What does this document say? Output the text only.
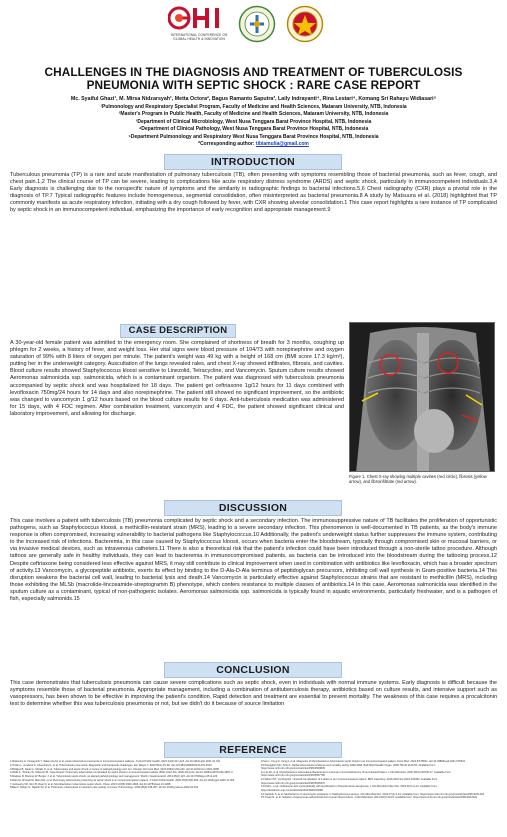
INTERNATIONAL CONFERENCE ON
GLOBAL HEALTH & INNOVATION
CHALLENGES IN THE DIAGNOSIS AND TREATMENT OF TUBERCULOSIS
PNEUMONIA WITH SEPTIC SHOCK : RARE CASE REPORT
Mc. Syaiful Ghazi¹, M. Mirsa Nidzarsyah¹, Metta Octora², Bagus Ramanto Saputra³, Laily Indrayanti⁴, Rina Lestari⁴, Komang Sri Rahayu Widiasari⁵
¹Pulmonology and Respiratory Specialist Program, Faculty of Medicine and Health Sciences, Mataram University, NTB, Indonesia
²Master's Program in Public Health, Faculty of Medicine and Health Sciences, Mataram University, NTB, Indonesia
³Department of Clinical Microbiology, West Nusa Tenggara Barat Province Hospital, NTB, Indonesia
⁴Department of Clinical Pathology, West Nusa Tenggara Barat Province Hospital, NTB, Indonesia
⁵Department Pulmonology and Respiratory West Nusa Tenggara Barat Province Hospital, NTB, Indonesia
*Corresponding author: tibiamulia@gmail.com
INTRODUCTION
Tuberculous pneumonia (TP) is a rare and acute manifestation of pulmonary tuberculosis (TB), often presenting with symptoms resembling those of bacterial pneumonia, such as fever, cough, and chest pain.1,2 The clinical course of TP can be severe, leading to complications like acute respiratory distress syndrome (ARDS) and septic shock, particularly in immunocompetent individuals.3,4 Early diagnosis is challenging due to the nonspecific nature of symptoms and the similarity in radiographic findings to bacterial infections.5,6 Chest radiography (CXR) plays a pivotal role in the diagnosis of TP.7 Typical radiographic features include homogeneous, segmental consolidation, often misinterpreted as bacterial pneumonia.8 A study by Matsuura et al. (2018) highlighted that TP commonly manifests as acute respiratory infection, initiating with a dry cough followed by fever, with CXR showing alveolar consolidation.1 This case report highlights a rare instance of TP complicated by septic shock in an immunocompetent individual, emphasizing the importance of early recognition and appropriate management.9
CASE DESCRIPTION
A 30-year-old female patient was admitted to the emergency room. She complained of shortness of breath for 3 months, coughing up phlegm for 2 weeks, a history of fever, and weight loss. Her vital signs were blood pressure of 104/73 with norepinephrine and oxygen saturation of 99% with 8 liters of oxygen per minute. The patient's weight was 49 kg with a height of 168 cm (BMI score 17.3 kg/m²), putting her in the underweight category. Auscultation of the lungs revealed rales, and chest X-ray showed infiltrates, fibrosis, and cavities. Blood culture results showed Staphylococcus kloosi sensitive to Linezolid, Tetracycline, and Vancomycin. Sputum culture results showed Aeromonas salmonicida ssp. salmonicida, which is a contaminant organism. The patient was diagnosed with tuberculosis pneumonia accompanied by septic shock and was hospitalized for 18 days. The patient get ceftriaxone 1g/12 hours for 11 days combined with levofloxacin 750mg/24 hours for 14 days and also norepinephrine. The patient still showed no significant improvement, so the antibiotic was changed to vancomycin 1 g/12 hours based on the blood culture results for 6 days. Anti-tuberculosis medication was administered for 15 days, with 4 FDC regimen. After combination treatment, vancomycin and 4 FDC, the patient showed significant clinical and laboratory improvement, and allowing for discharge.
Figure 1. Chest X-ray showing multiple cavities (red circle), fibrosis (yellow arrow), and fibroinfiltrate (red arrow).
DISCUSSION
This case involves a patient with tuberculosis (TB) pneumonia complicated by septic shock and a secondary infection. The immunosuppressive nature of TB facilitates the proliferation of opportunistic pathogens, such as Staphylococcus kloosii, a methicillin-resistant strain (MRS), leading to a severe secondary infection. This phenomenon is well-documented in TB patients, as the body's immune response is often compromised, increasing vulnerability to bacterial pathogens like Staphylococcus.10 Additionally, the patient's underweight status further suppresses the immune system, contributing to the increased risk of infections. Bacteremia, in this case caused by Staphylococcus kloosii, occurs when bacteria enter the bloodstream, typically through compromised skin or mucosal barriers, or via invasive medical devices, such as intravenous catheters.11 There is also a theoretical risk that the patient's infection could have been introduced through a non-sterile tattoo procedure. Although tattoos are generally safe in healthy individuals, they can lead to bacteremia in immunocompromised patients, as bacteria can be introduced into the bloodstream during the tattooing process.12 Despite ceftriaxone being considered less effective against MRS, it may still contribute to clinical improvement when used in combination with antibiotics like levofloxacin, which has a broader spectrum of activity.13 Vancomycin, a glycopeptide antibiotic, exerts its effect by binding to the D-Ala-D-Ala terminus of peptidoglycan precursors, inhibiting cell wall synthesis in Gram-positive bacteria.14 This disruption weakens the bacterial cell wall, leading to bacterial lysis and death.14 Vancomycin is particularly effective against Staphylococcus strains that are resistant to methicillin (MRS), including those exhibiting the MLSb (macrolide-lincosamide-streptogramin B) phenotype, which confers resistance to multiple classes of antibiotics.14 In this case, Aeromonas salmonicida was identified in the sputum culture as a contaminant, typical of non-pathogenic isolates. Aeromonas salmonicida ssp. salmonicida is typically found in aquatic environments, particularly freshwater, and is a pathogen of fish, especially salmonids.15
CONCLUSION
This case demonstrates that tuberculosis pneumonia can cause severe complications such as septic shock, even in individuals with normal immune systems. Early diagnosis is difficult because the symptoms resemble those of bacterial pneumonia. Appropriate management, including a combination of antituberculosis therapy, antibiotics based on culture results, and intensive support such as vasopressors, has been shown to be effective in improving the patient's condition. Rapid detection and treatment are essential to prevent mortality. The weakness of this case requires a procalcitonin test to determine whether this was tuberculosis pneumonia or not, but we didn't do it because of source limitation
REFERENCE

1.Matsuura H, Yamaguchi Y, Takemura M, et al. Acute tuberculous pneumonia in immunocompetent patients. J Infect Public Health. 2021;14(3):417-424. doi:10.1016/j.jiph.2021.01.011

2.Tonkin L, Gusberti G, Kitambwa G, et al. Tuberculosis pneumonia: Diagnostic and therapeutic challenges. Eur Respir J. 2020;56(1):P1-82. doi:10.1183/13993003.01479-2019

3.Bridges B, Sarai G, Shiraki O, et al. Tuberculosis and septic shock: A review of pathophysiology and. Am J Respir Crit Care Med. 2022;196(2):234-240. doi:10.1164/rccm.2021-0068

4.Wells K, Toohey W, Takeuchi M. Case Report: Pulmonary tuberculosis complicated by septic shock in immunocompetent adults. BMC Infect Dis. 2020;20(1):22. doi:10.1186/s12879-020-4907-3

5.Matisse R, Brennet W, Burger J, et al. Tuberculosis septic shock, an altered pathophysiology and management. World J Gastroenterol. 2019;25(2):123. doi:10.3748/wjg.v25.i2.123

6.Rato M, Ahmadi M, Mian MA, et al. Pulmonary tuberculosis presenting as septic shock in an immunocompetent patient. J Infect Public Health. 2020;15(5):600-605. doi:10.1016/j.jiph.2020.11.003

7.Janbeurig VR, Simi B, Rear D, et al. Mycobacterium tuberculosis septic shock. Chest. 2013;143(5):1660-1666. doi:10.1378/chest.10-1908

8.Bae F, Delgin G, Tajeldin M, et al. Pulmonary tuberculosis in intensive care setting: A review. Pulmonology. 2022;28(4):245-257. doi:10.1016/j.pulmoe.2022.02.003

9.Sun L, Feng Z, Yang F, et al. Diagnosis of Mycobacterium tuberculosis septic shock in an immunocompetent patient. Front Med. 2021;8:675641. doi:10.3389/fmed.2021.675641

10.Pantiglioni MC, Kino K. Global tuberculosis incidence and mortality during 1990-2000. Bull World Health Organ. 2006;78(10):1142-56. Available from: https://www.ncbi.nlm.nih.gov/pmc/articles/PMC2560839

11.Lai ZZ, et al. Mycobacterium tuberculosis Bacteremia in a Human Immunodeficiency Virus-Infected Patient. J Clin Microbiol. 2020;49(3):e00706-17. Available from: https://www.ncbi.nlm.nih.gov/pmc/articles/PMC5657709

12.Wilson NT, Cording RA. Unusual complication of a tattoo in an immunocompetent patient. BMJ Case Rep. 2016;2016:bcr-2016-216363. Available from: https://www.ncbi.nlm.nih.gov/pmc/articles/PMC5045375

13.Patil L, et al. Ceftriaxone acts synergistically with levofloxacin in Pseudomonas aeruginosa. J Clin Microbiol Infect Dis. 2016;3(2):e1-10. Available from: https://academic.oup.com/cid/article/30/4/S93/340098

14.Gardete S, et al. Mechanisms of vancomycin resistance in Staphylococcus aureus. Clin Microbiol Rev. 2014;27(1):1-19. Available from: https://www.ncbi.nlm.nih.gov/pmc/articles/PMC4071434

15.Trwan R, et al. Isolation of Aeromonas salmonicida from human blood culture. J Med Microbiol. 2014;63(3):313-5. Available from: https://www.ncbi.nlm.nih.gov/pmc/articles/PMC3913123
